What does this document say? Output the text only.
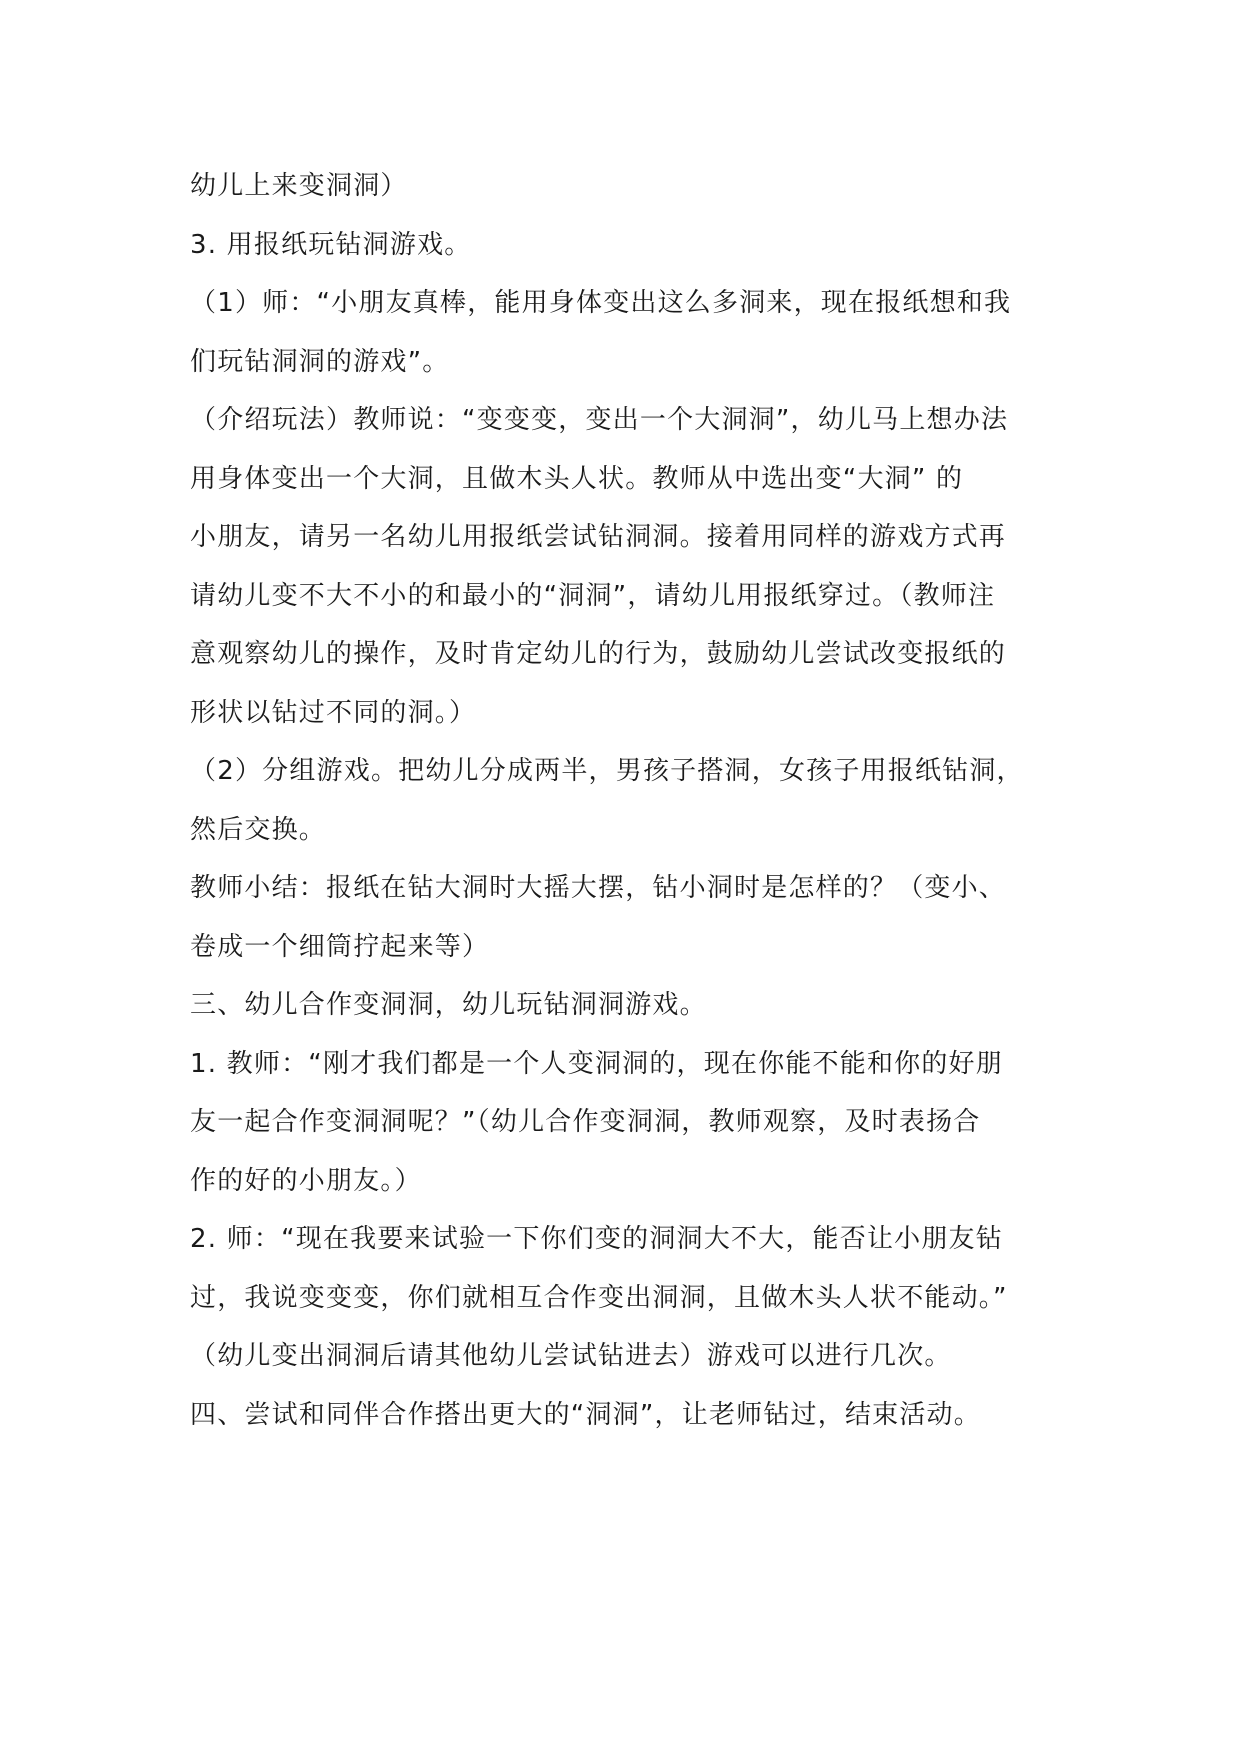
幼儿上来变洞洞）
3. 用报纸玩钻洞游戏。
（1）师：“小朋友真棒，能用身体变出这么多洞来，现在报纸想和我
们玩钻洞洞的游戏”。
（介绍玩法）教师说：“变变变，变出一个大洞洞”，幼儿马上想办法
用身体变出一个大洞，且做木头人状。教师从中选出变“大洞” 的
小朋友，请另一名幼儿用报纸尝试钻洞洞。接着用同样的游戏方式再
请幼儿变不大不小的和最小的“洞洞”，请幼儿用报纸穿过。（教师注
意观察幼儿的操作，及时肯定幼儿的行为，鼓励幼儿尝试改变报纸的
形状以钻过不同的洞。）
（2）分组游戏。把幼儿分成两半，男孩子搭洞，女孩子用报纸钻洞，
然后交换。
教师小结：报纸在钻大洞时大摇大摆，钻小洞时是怎样的？（变小、
卷成一个细筒拧起来等）
三、幼儿合作变洞洞，幼儿玩钻洞洞游戏。
1. 教师：“刚才我们都是一个人变洞洞的，现在你能不能和你的好朋
友一起合作变洞洞呢？”（幼儿合作变洞洞，教师观察，及时表扬合
作的好的小朋友。）
2. 师：“现在我要来试验一下你们变的洞洞大不大，能否让小朋友钻
过，我说变变变，你们就相互合作变出洞洞，且做木头人状不能动。”
（幼儿变出洞洞后请其他幼儿尝试钻进去）游戏可以进行几次。
四、尝试和同伴合作搭出更大的“洞洞”，让老师钻过，结束活动。
